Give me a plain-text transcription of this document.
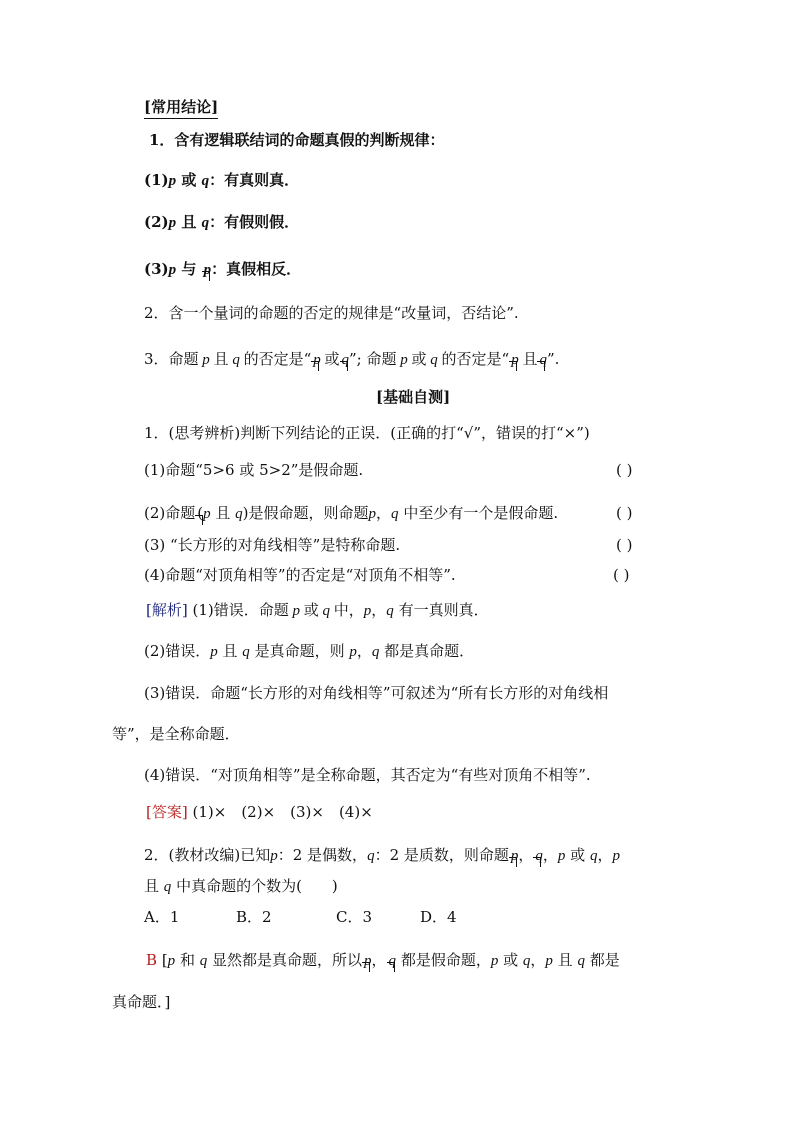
[常用结论]
1．含有逻辑联结词的命题真假的判断规律：
(1)p 或 q：有真则真．
(2)p 且 q：有假则假．
(3)p 与 p：真假相反．
2．含一个量词的命题的否定的规律是“改量词，否结论”.
3．命题 p 且 q 的否定是“ p 或 q”; 命题 p 或 q 的否定是“ p 且 q”.
[基础自测]
1．(思考辨析)判断下列结论的正误．(正确的打“√”，错误的打“×”)
(1)命题“5>6 或 5>2”是假命题.	( )
(2)命题 (p 且 q)是假命题，则命题p，q 中至少有一个是假命题.	( )
(3) “长方形的对角线相等”是特称命题.	( )
(4)命题“对顶角相等”的否定是“对顶角不相等”.	( )
[解析] (1)错误．命题 p 或 q 中，p，q 有一真则真．
(2)错误．p 且 q 是真命题，则 p，q 都是真命题．
(3)错误．命题“长方形的对角线相等”可叙述为“所有长方形的对角线相
等”，是全称命题．
(4)错误．“对顶角相等”是全称命题，其否定为“有些对顶角不相等”.
[答案] (1)×　(2)×　(3)×　(4)×
2．(教材改编)已知p：2 是偶数，q：2 是质数，则命题 p， q，p 或 q，p
且 q 中真命题的个数为(　　)
A．1	B．2	C．3	D．4
B [p 和 q 显然都是真命题，所以 p， q 都是假命题，p 或 q，p 且 q 都是
真命题．]
